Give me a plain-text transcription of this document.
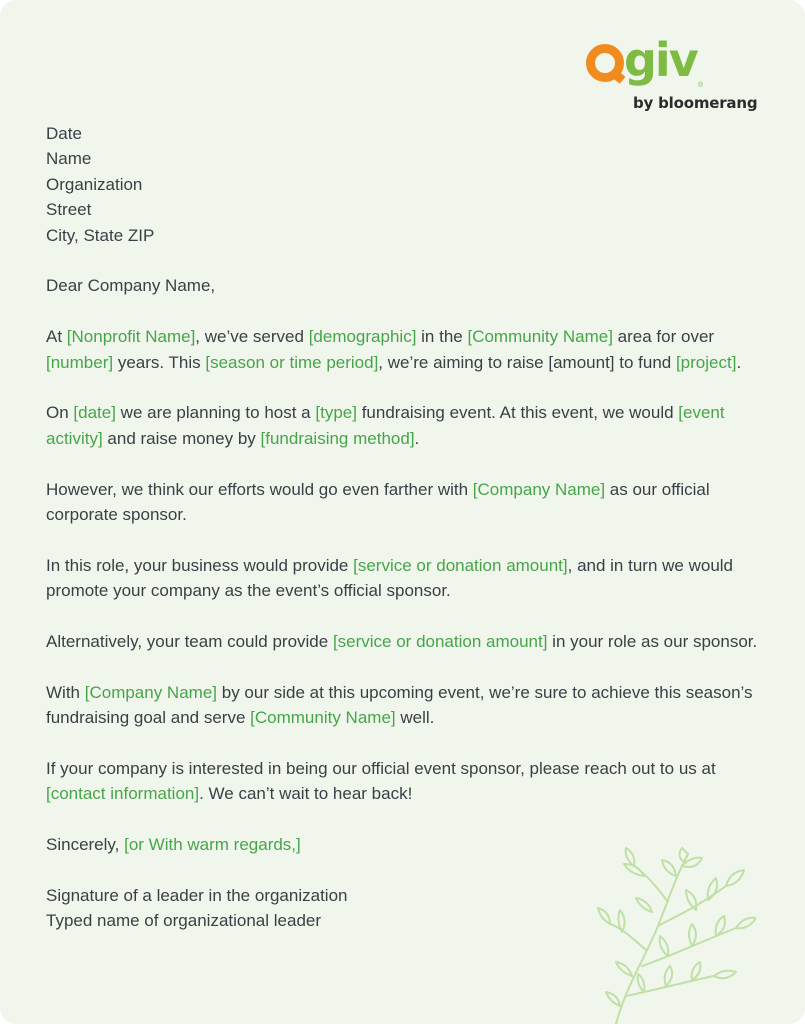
giv ®
by bloomerang

Date
Name
Organization
Street
City, State ZIP

Dear Company Name,

At [Nonprofit Name], we’ve served [demographic] in the [Community Name] area for over [number] years. This [season or time period], we’re aiming to raise [amount] to fund [project].

On [date] we are planning to host a [type] fundraising event. At this event, we would [event activity] and raise money by [fundraising method].

However, we think our efforts would go even farther with [Company Name] as our official corporate sponsor.

In this role, your business would provide [service or donation amount], and in turn we would promote your company as the event’s official sponsor.

Alternatively, your team could provide [service or donation amount] in your role as our sponsor.

With [Company Name] by our side at this upcoming event, we’re sure to achieve this season’s fundraising goal and serve [Community Name] well.

If your company is interested in being our official event sponsor, please reach out to us at [contact information]. We can’t wait to hear back!

Sincerely, [or With warm regards,]

Signature of a leader in the organization
Typed name of organizational leader
